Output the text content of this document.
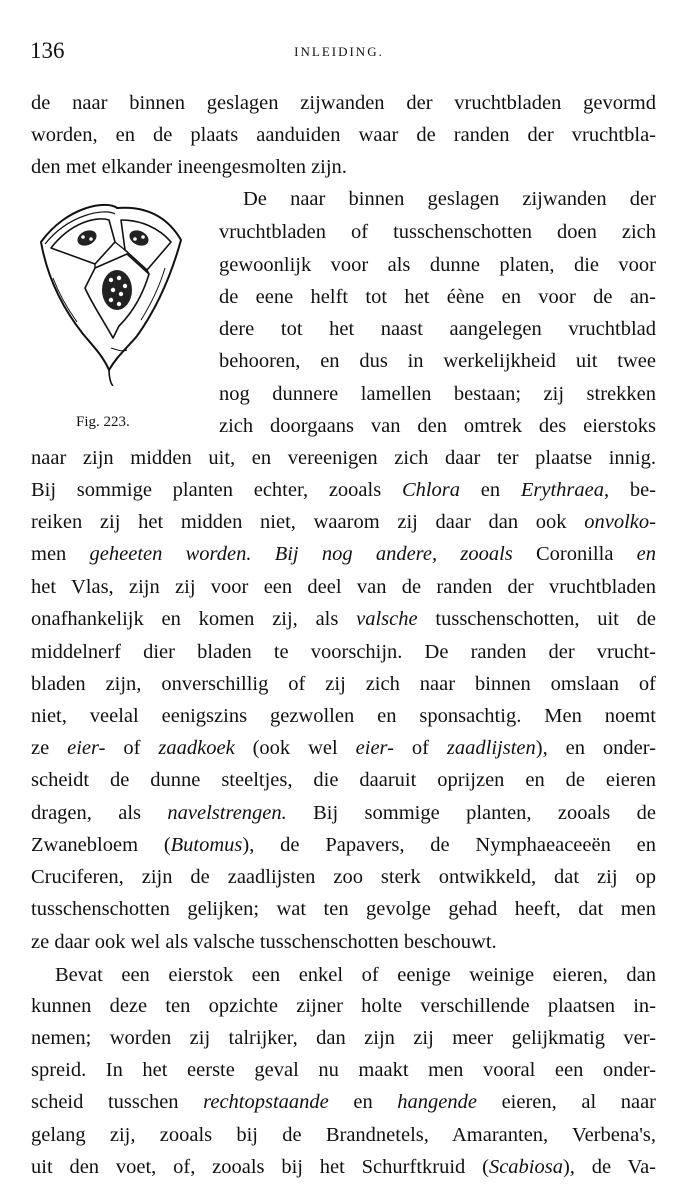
136	INLEIDING.
Fig. 223.
de naar binnen geslagen zijwanden der vruchtbladen gevormd
worden, en de plaats aanduiden waar de randen der vruchtbla-
den met elkander ineengesmolten zijn.
De naar binnen geslagen zijwanden der
vruchtbladen of tusschenschotten doen zich
gewoonlijk voor als dunne platen, die voor
de eene helft tot het éène en voor de an-
dere tot het naast aangelegen vruchtblad
behooren, en dus in werkelijkheid uit twee
nog dunnere lamellen bestaan; zij strekken
zich doorgaans van den omtrek des eierstoks
naar zijn midden uit, en vereenigen zich daar ter plaatse innig.
Bij sommige planten echter, zooals Chlora en Erythraea, be-
reiken zij het midden niet, waarom zij daar dan ook onvolko-
men geheeten worden. Bij nog andere, zooals Coronilla en
het Vlas, zijn zij voor een deel van de randen der vruchtbladen
onafhankelijk en komen zij, als valsche tusschenschotten, uit de
middelnerf dier bladen te voorschijn. De randen der vrucht-
bladen zijn, onverschillig of zij zich naar binnen omslaan of
niet, veelal eenigszins gezwollen en sponsachtig. Men noemt
ze eier- of zaadkoek (ook wel eier- of zaadlijsten), en onder-
scheidt de dunne steeltjes, die daaruit oprijzen en de eieren
dragen, als navelstrengen. Bij sommige planten, zooals de
Zwanebloem (Butomus), de Papavers, de Nymphaeaceeën en
Cruciferen, zijn de zaadlijsten zoo sterk ontwikkeld, dat zij op
tusschenschotten gelijken; wat ten gevolge gehad heeft, dat men
ze daar ook wel als valsche tusschenschotten beschouwt.
Bevat een eierstok een enkel of eenige weinige eieren, dan
kunnen deze ten opzichte zijner holte verschillende plaatsen in-
nemen; worden zij talrijker, dan zijn zij meer gelijkmatig ver-
spreid. In het eerste geval nu maakt men vooral een onder-
scheid tusschen rechtopstaande en hangende eieren, al naar
gelang zij, zooals bij de Brandnetels, Amaranten, Verbena's,
uit den voet, of, zooals bij het Schurftkruid (Scabiosa), de Va-
